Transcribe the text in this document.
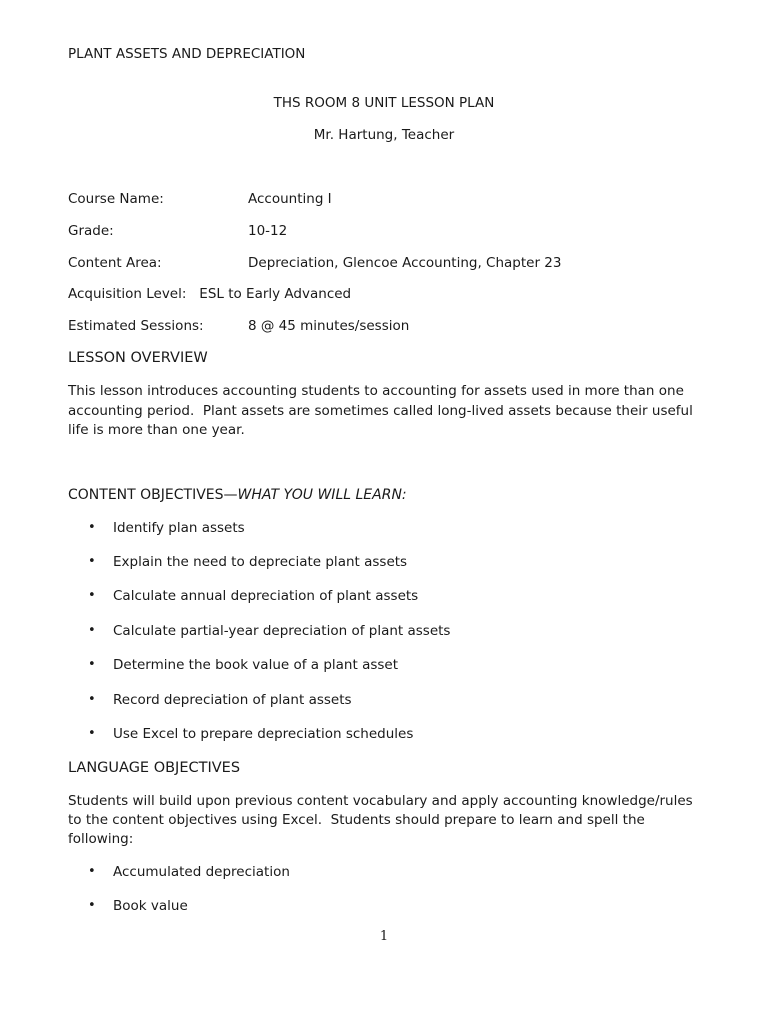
PLANT ASSETS AND DEPRECIATION
THS ROOM 8 UNIT LESSON PLAN
Mr. Hartung, Teacher
Course Name:	Accounting I
Grade:	10-12
Content Area:	Depreciation, Glencoe Accounting, Chapter 23
Acquisition Level:   ESL to Early Advanced
Estimated Sessions:	8 @ 45 minutes/session
LESSON OVERVIEW
This lesson introduces accounting students to accounting for assets used in more than one accounting period.  Plant assets are sometimes called long-lived assets because their useful life is more than one year.
CONTENT OBJECTIVES—WHAT YOU WILL LEARN:
• Identify plan assets
• Explain the need to depreciate plant assets
• Calculate annual depreciation of plant assets
• Calculate partial-year depreciation of plant assets
• Determine the book value of a plant asset
• Record depreciation of plant assets
• Use Excel to prepare depreciation schedules
LANGUAGE OBJECTIVES
Students will build upon previous content vocabulary and apply accounting knowledge/rules to the content objectives using Excel.  Students should prepare to learn and spell the following:
• Accumulated depreciation
• Book value
1
